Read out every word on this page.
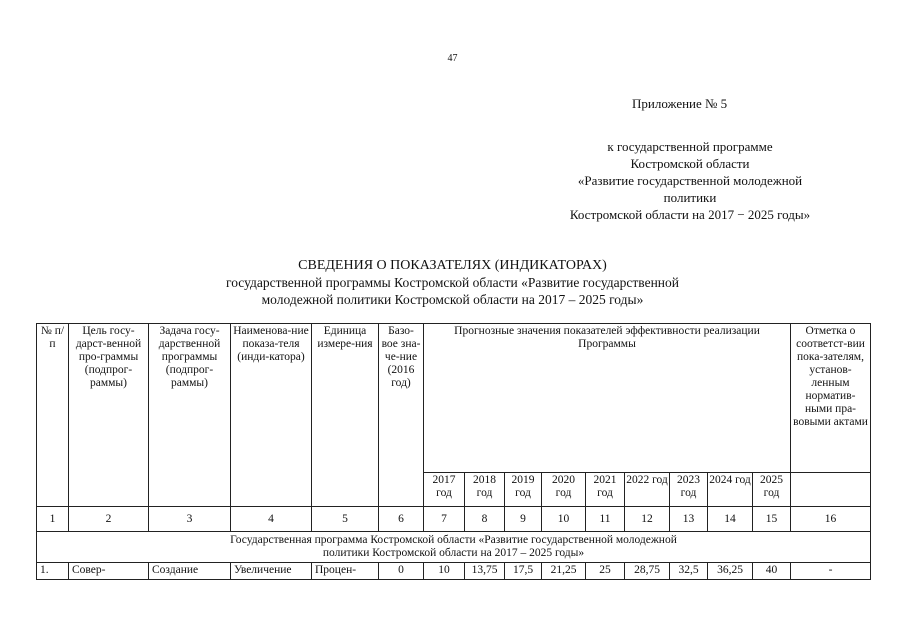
47
Приложение № 5
к государственной программе
Костромской области
«Развитие государственной молодежной
политики
Костромской области на 2017 − 2025 годы»
СВЕДЕНИЯ О ПОКАЗАТЕЛЯХ (ИНДИКАТОРАХ)
государственной программы Костромской области «Развитие государственной
молодежной политики Костромской области на 2017 – 2025 годы»
№ п/п	Цель госу-дарст-венной про-граммы (подпрог-раммы)	Задача госу-дарственной программы (подпрог-раммы)	Наименова-ние показа-теля (инди-катора)	Единица измере-ния	Базо-вое зна-че-ние (2016 год)	Прогнозные значения показателей эффективности реализации Программы									Отметка о соответст-вии пока-зателям, установ-ленным норматив-ными пра-вовыми актами
						2017 год	2018 год	2019 год	2020 год	2021 год	2022 год	2023 год	2024 год	2025 год	
1	2	3	4	5	6	7	8	9	10	11	12	13	14	15	16
Государственная программа Костромской области «Развитие государственной молодежной политики Костромской области на 2017 – 2025 годы»															
1.	Совер-	Создание	Увеличение	Процен-	0	10	13,75	17,5	21,25	25	28,75	32,5	36,25	40	-
